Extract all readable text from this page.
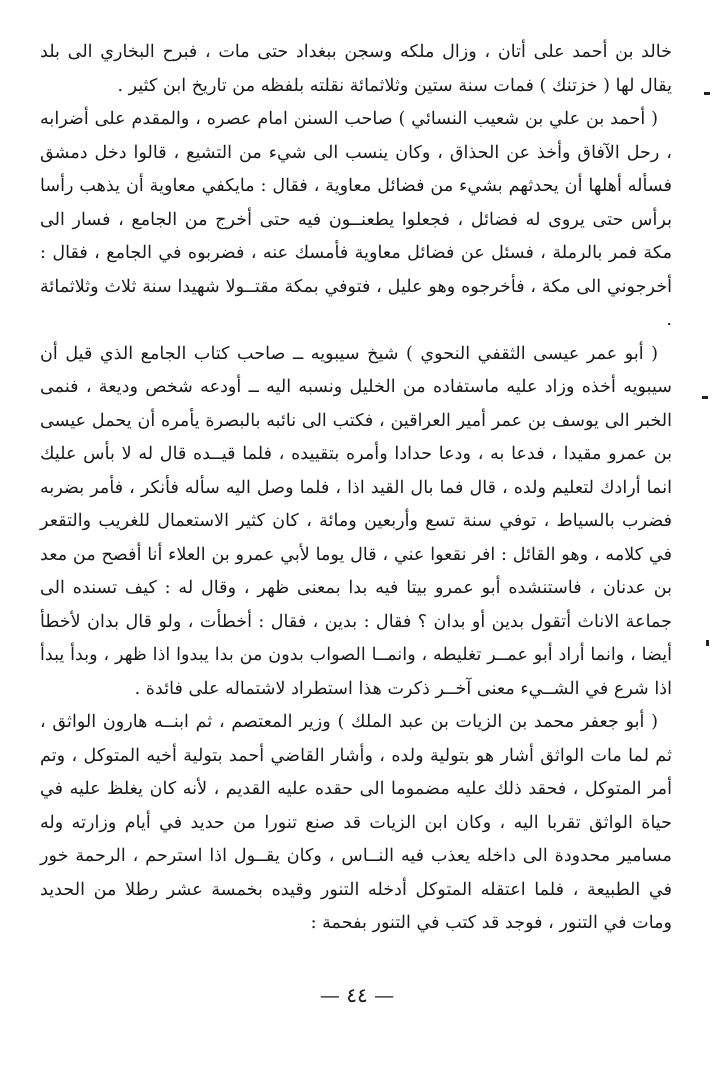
خالد بن أحمد على أتان ، وزال ملكه وسجن ببغداد حتى مات ، فبرح البخاري الى بلد يقال لها ( خزتنك ) فمات سنة ستين وثلاثمائة نقلته بلفظه من تاريخ ابن كثير .

( أحمد بن علي بن شعيب النسائي ) صاحب السنن امام عصره ، والمقدم على أضرابه ، رحل الآفاق وأخذ عن الحذاق ، وكان ينسب الى شيء من التشيع ، قالوا دخل دمشق فسأله أهلها أن يحدثهم بشيء من فضائل معاوية ، فقال : مايكفي معاوية أن يذهب رأسا برأس حتى يروى له فضائل ، فجعلوا يطعنــون فيه حتى أخرج من الجامع ، فسار الى مكة فمر بالرملة ، فسئل عن فضائل معاوية فأمسك عنه ، فضربوه في الجامع ، فقال : أخرجوني الى مكة ، فأخرجوه وهو عليل ، فتوفي بمكة مقتــولا شهيدا سنة ثلاث وثلاثمائة .

( أبو عمر عيسى الثقفي النحوي ) شيخ سيبويه ــ صاحب كتاب الجامع الذي قيل أن سيبويه أخذه وزاد عليه ماستفاده من الخليل ونسبه اليه ــ أودعه شخص وديعة ، فنمى الخبر الى يوسف بن عمر أمير العراقين ، فكتب الى نائبه بالبصرة يأمره أن يحمل عيسى بن عمرو مقيدا ، فدعا به ، ودعا حدادا وأمره بتقييده ، فلما قيــده قال له لا بأس عليك انما أرادك لتعليم ولده ، قال فما بال القيد اذا ، فلما وصل اليه سأله فأنكر ، فأمر بضربه فضرب بالسياط ، توفي سنة تسع وأربعين ومائة ، كان كثير الاستعمال للغريب والتقعر في كلامه ، وهو القائل : افر نقعوا عني ، قال يوما لأبي عمرو بن العلاء أنا أفصح من معد بن عدنان ، فاستنشده أبو عمرو بيتا فيه بدا بمعنى ظهر ، وقال له : كيف تسنده الى جماعة الاناث أتقول بدين أو بدان ؟ فقال : بدين ، فقال : أخطأت ، ولو قال بدان لأخطأ أيضا ، وانما أراد أبو عمــر تغليطه ، وانمــا الصواب بدون من بدا يبدوا اذا ظهر ، وبدأ يبدأ اذا شرع في الشــيء معنى آخــر ذكرت هذا استطراد لاشتماله على فائدة .

( أبو جعفر محمد بن الزيات بن عبد الملك ) وزير المعتصم ، ثم ابنــه هارون الواثق ، ثم لما مات الواثق أشار هو بتولية ولده ، وأشار القاضي أحمد بتولية أخيه المتوكل ، وتم أمر المتوكل ، فحقد ذلك عليه مضموما الى حقده عليه القديم ، لأنه كان يغلظ عليه في حياة الواثق تقربا اليه ، وكان ابن الزيات قد صنع تنورا من حديد في أيام وزارته وله مسامير محدودة الى داخله يعذب فيه النــاس ، وكان يقــول اذا استرحم ، الرحمة خور في الطبيعة ، فلما اعتقله المتوكل أدخله التنور وقيده بخمسة عشر رطلا من الحديد ومات في التنور ، فوجد قد كتب في التنور بفحمة :

— ٤٤ —
